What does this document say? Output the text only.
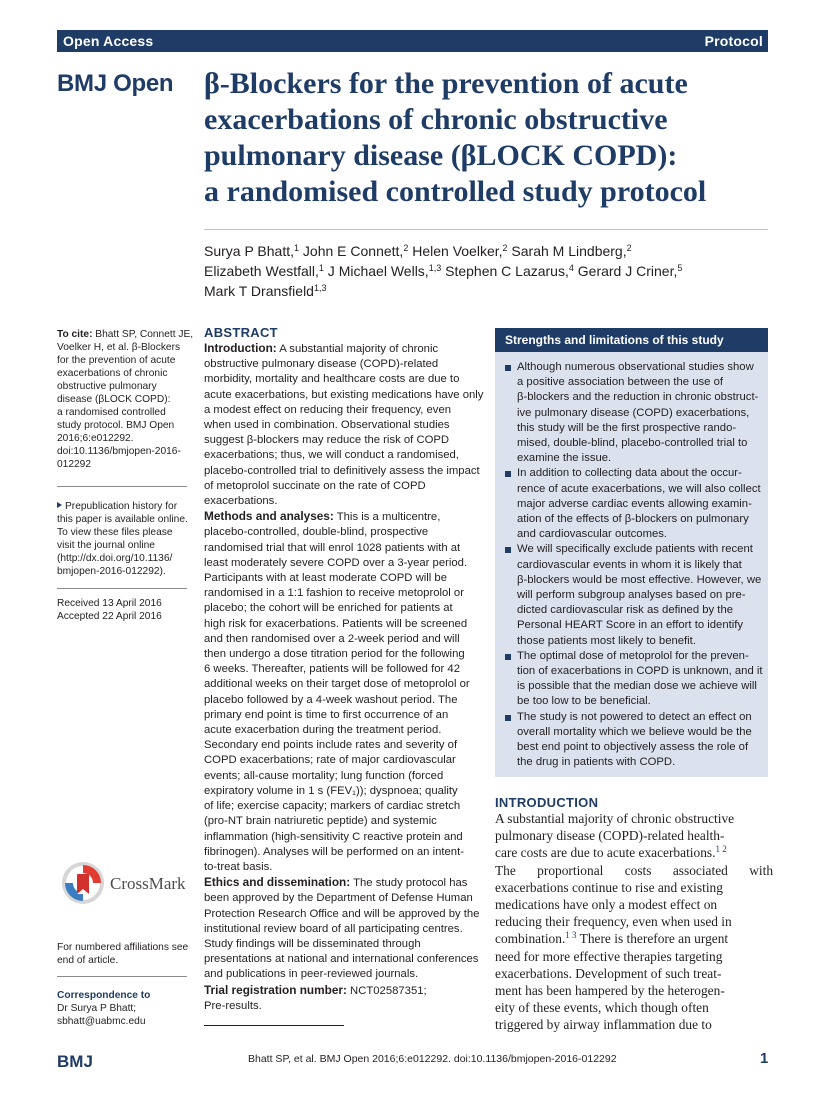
Open Access	Protocol
BMJ Open β-Blockers for the prevention of acute
exacerbations of chronic obstructive
pulmonary disease (βLOCK COPD):
a randomised controlled study protocol
Surya P Bhatt,$^1$ John E Connett,$^2$ Helen Voelker,$^2$ Sarah M Lindberg,$^2$
Elizabeth Westfall,$^1$ J Michael Wells,$^{1,3}$ Stephen C Lazarus,$^4$ Gerard J Criner,$^5$
Mark T Dransfield$^{1,3}$
To cite: Bhatt SP, Connett JE,
Voelker H, et al. β-Blockers
for the prevention of acute
exacerbations of chronic
obstructive pulmonary
disease (βLOCK COPD):
a randomised controlled
study protocol. BMJ Open
2016;6:e012292.
doi:10.1136/bmjopen-2016-
012292
Prepublication history for
this paper is available online.
To view these files please
visit the journal online
(http://dx.doi.org/10.1136/
bmjopen-2016-012292).
Received 13 April 2016
Accepted 22 April 2016
CrossMark
For numbered affiliations see
end of article.
Correspondence to
Dr Surya P Bhatt;
sbhatt@uabmc.edu
ABSTRACT
Introduction: A substantial majority of chronic
obstructive pulmonary disease (COPD)-related
morbidity, mortality and healthcare costs are due to
acute exacerbations, but existing medications have only
a modest effect on reducing their frequency, even
when used in combination. Observational studies
suggest β-blockers may reduce the risk of COPD
exacerbations; thus, we will conduct a randomised,
placebo-controlled trial to definitively assess the impact
of metoprolol succinate on the rate of COPD
exacerbations.
Methods and analyses: This is a multicentre,
placebo-controlled, double-blind, prospective
randomised trial that will enrol 1028 patients with at
least moderately severe COPD over a 3-year period.
Participants with at least moderate COPD will be
randomised in a 1:1 fashion to receive metoprolol or
placebo; the cohort will be enriched for patients at
high risk for exacerbations. Patients will be screened
and then randomised over a 2-week period and will
then undergo a dose titration period for the following
6 weeks. Thereafter, patients will be followed for 42
additional weeks on their target dose of metoprolol or
placebo followed by a 4-week washout period. The
primary end point is time to first occurrence of an
acute exacerbation during the treatment period.
Secondary end points include rates and severity of
COPD exacerbations; rate of major cardiovascular
events; all-cause mortality; lung function (forced
expiratory volume in 1 s (FEV₁)); dyspnoea; quality
of life; exercise capacity; markers of cardiac stretch
(pro-NT brain natriuretic peptide) and systemic
inflammation (high-sensitivity C reactive protein and
fibrinogen). Analyses will be performed on an intent-
to-treat basis.
Ethics and dissemination: The study protocol has
been approved by the Department of Defense Human
Protection Research Office and will be approved by the
institutional review board of all participating centres.
Study findings will be disseminated through
presentations at national and international conferences
and publications in peer-reviewed journals.
Trial registration number: NCT02587351;
Pre-results.
Strengths and limitations of this study
Although numerous observational studies show
a positive association between the use of
β-blockers and the reduction in chronic obstruct-
ive pulmonary disease (COPD) exacerbations,
this study will be the first prospective rando-
mised, double-blind, placebo-controlled trial to
examine the issue.
In addition to collecting data about the occur-
rence of acute exacerbations, we will also collect
major adverse cardiac events allowing examin-
ation of the effects of β-blockers on pulmonary
and cardiovascular outcomes.
We will specifically exclude patients with recent
cardiovascular events in whom it is likely that
β-blockers would be most effective. However, we
will perform subgroup analyses based on pre-
dicted cardiovascular risk as defined by the
Personal HEART Score in an effort to identify
those patients most likely to benefit.
The optimal dose of metoprolol for the preven-
tion of exacerbations in COPD is unknown, and it
is possible that the median dose we achieve will
be too low to be beneficial.
The study is not powered to detect an effect on
overall mortality which we believe would be the
best end point to objectively assess the role of
the drug in patients with COPD.
INTRODUCTION
A substantial majority of chronic obstructive
pulmonary disease (COPD)-related health-
care costs are due to acute exacerbations.$^{1 2}$
The proportional costs associated with
exacerbations continue to rise and existing
medications have only a modest effect on
reducing their frequency, even when used in
combination.$^{1 3}$ There is therefore an urgent
need for more effective therapies targeting
exacerbations. Development of such treat-
ment has been hampered by the heterogen-
eity of these events, which though often
triggered by airway inflammation due to
BMJ	Bhatt SP, et al. BMJ Open 2016;6:e012292. doi:10.1136/bmjopen-2016-012292	1
